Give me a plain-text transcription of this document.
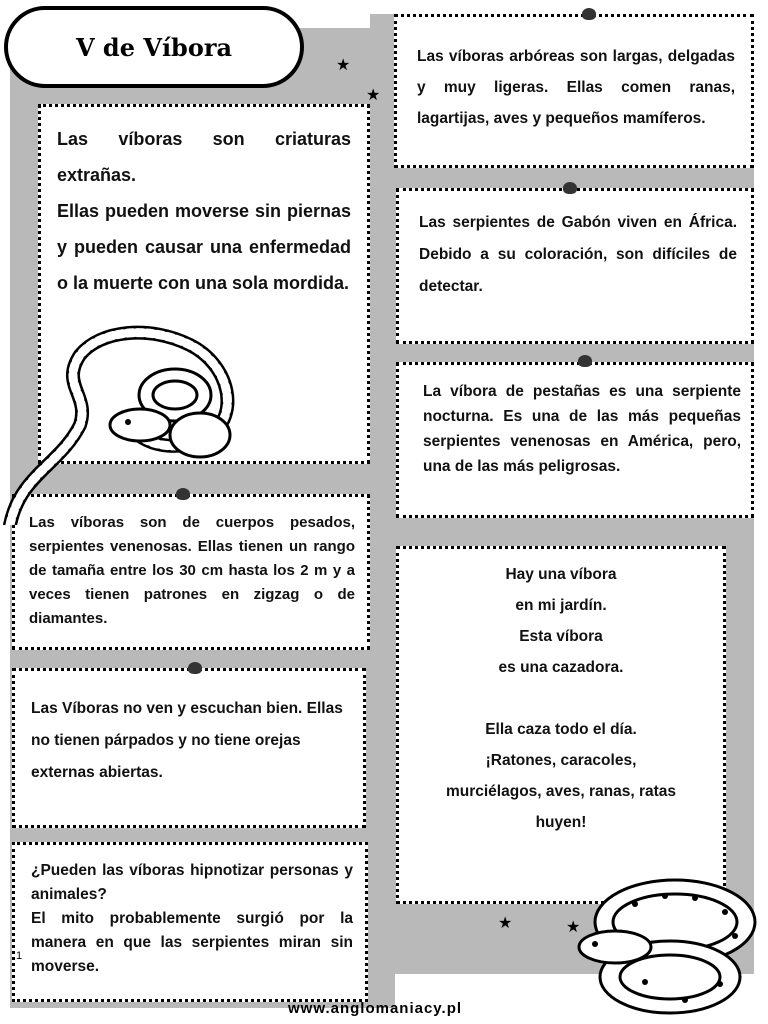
V de Víbora
★
★
★	★

Las víboras son criaturas extrañas.

Ellas pueden moverse sin piernas y pueden causar una enfermedad o la muerte con una sola mordida.

Las víboras arbóreas son largas, delgadas y muy ligeras. Ellas comen ranas, lagartijas, aves y pequeños mamíferos.

Las serpientes de Gabón viven en África. Debido a su coloración, son difíciles de detectar.

La víbora de pestañas es una serpiente nocturna. Es una de las más pequeñas serpientes venenosas en América, pero, una de las más peligrosas.

Las víboras son de cuerpos pesados, serpientes venenosas. Ellas tienen un rango de tamaña entre los 30 cm hasta los 2 m y a veces tienen patrones en zigzag o de diamantes.

Las Víboras no ven y escuchan bien. Ellas no tienen párpados y no tiene orejas externas abiertas.

¿Pueden las víboras hipnotizar personas y animales?

El mito probablemente surgió por la manera en que las serpientes miran sin moverse.

Hay una víbora

en mi jardín.

Esta víbora

es una cazadora.

Ella caza todo el día.

¡Ratones, caracoles,

murciélagos, aves, ranas, ratas

huyen!

1
www.anglomaniacy.pl
